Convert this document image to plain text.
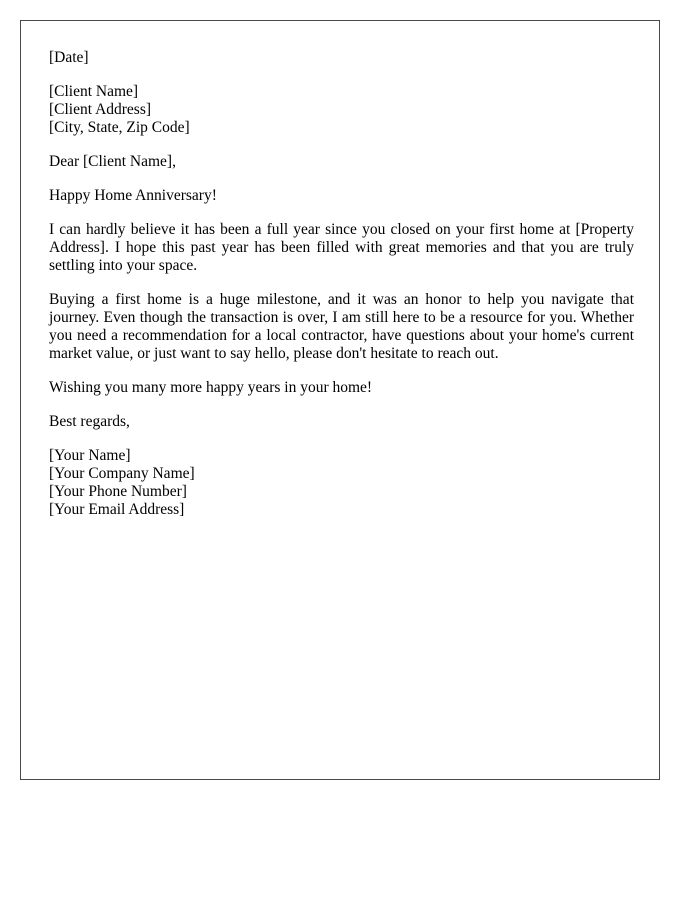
[Date]

[Client Name]
[Client Address]
[City, State, Zip Code]

Dear [Client Name],

Happy Home Anniversary!

I can hardly believe it has been a full year since you closed on your first home at [Property Address]. I hope this past year has been filled with great memories and that you are truly settling into your space.

Buying a first home is a huge milestone, and it was an honor to help you navigate that journey. Even though the transaction is over, I am still here to be a resource for you. Whether you need a recommendation for a local contractor, have questions about your home's current market value, or just want to say hello, please don't hesitate to reach out.

Wishing you many more happy years in your home!

Best regards,

[Your Name]
[Your Company Name]
[Your Phone Number]
[Your Email Address]
